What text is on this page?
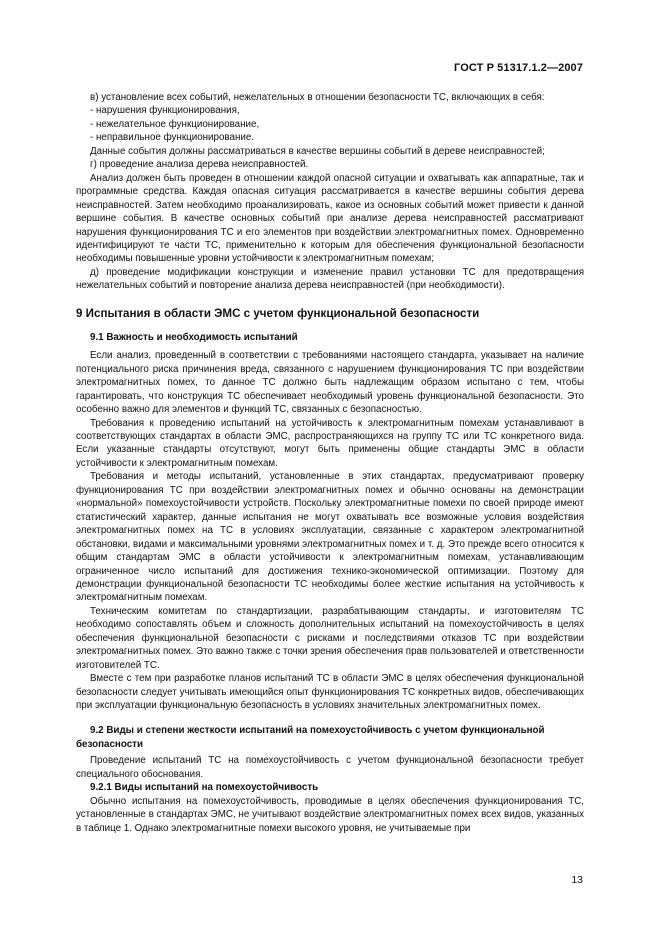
ГОСТ Р 51317.1.2—2007

в) установление всех событий, нежелательных в отношении безопасности ТС, включающих в себя:

- нарушения функционирования,

- нежелательное функционирование,

- неправильное функционирование.

Данные события должны рассматриваться в качестве вершины событий в дереве неисправностей;

г) проведение анализа дерева неисправностей.

Анализ должен быть проведен в отношении каждой опасной ситуации и охватывать как аппаратные, так и программные средства. Каждая опасная ситуация рассматривается в качестве вершины события дерева неисправностей. Затем необходимо проанализировать, какое из основных событий может привести к данной вершине события. В качестве основных событий при анализе дерева неисправностей рассматривают нарушения функционирования ТС и его элементов при воздействии электромагнитных помех. Одновременно идентифицируют те части ТС, применительно к которым для обеспечения функциональной безопасности необходимы повышенные уровни устойчивости к электромагнитным помехам;

д) проведение модификации конструкции и изменение правил установки ТС для предотвращения нежелательных событий и повторение анализа дерева неисправностей (при необходимости).

9 Испытания в области ЭМС с учетом функциональной безопасности

9.1 Важность и необходимость испытаний

Если анализ, проведенный в соответствии с требованиями настоящего стандарта, указывает на наличие потенциального риска причинения вреда, связанного с нарушением функционирования ТС при воздействии электромагнитных помех, то данное ТС должно быть надлежащим образом испытано с тем, чтобы гарантировать, что конструкция ТС обеспечивает необходимый уровень функциональной безопасности. Это особенно важно для элементов и функций ТС, связанных с безопасностью.

Требования к проведению испытаний на устойчивость к электромагнитным помехам устанавливают в соответствующих стандартах в области ЭМС, распространяющихся на группу ТС или ТС конкретного вида. Если указанные стандарты отсутствуют, могут быть применены общие стандарты ЭМС в области устойчивости к электромагнитным помехам.

Требования и методы испытаний, установленные в этих стандартах, предусматривают проверку функционирования ТС при воздействии электромагнитных помех и обычно основаны на демонстрации «нормальной» помехоустойчивости устройств. Поскольку электромагнитные помехи по своей природе имеют статистический характер, данные испытания не могут охватывать все возможные условия воздействия электромагнитных помех на ТС в условиях эксплуатации, связанные с характером электромагнитной обстановки, видами и максимальными уровнями электромагнитных помех и т. д. Это прежде всего относится к общим стандартам ЭМС в области устойчивости к электромагнитным помехам, устанавливающим ограниченное число испытаний для достижения технико-экономической оптимизации. Поэтому для демонстрации функциональной безопасности ТС необходимы более жесткие испытания на устойчивость к электромагнитным помехам.

Техническим комитетам по стандартизации, разрабатывающим стандарты, и изготовителям ТС необходимо сопоставлять объем и сложность дополнительных испытаний на помехоустойчивость в целях обеспечения функциональной безопасности с рисками и последствиями отказов ТС при воздействии электромагнитных помех. Это важно также с точки зрения обеспечения прав пользователей и ответственности изготовителей ТС.

Вместе с тем при разработке планов испытаний ТС в области ЭМС в целях обеспечения функциональной безопасности следует учитывать имеющийся опыт функционирования ТС конкретных видов, обеспечивающих при эксплуатации функциональную безопасность в условиях значительных электромагнитных помех.

9.2 Виды и степени жесткости испытаний на помехоустойчивость с учетом функциональной безопасности

Проведение испытаний ТС на помехоустойчивость с учетом функциональной безопасности требует специального обоснования.

9.2.1 Виды испытаний на помехоустойчивость

Обычно испытания на помехоустойчивость, проводимые в целях обеспечения функционирования ТС, установленные в стандартах ЭМС, не учитывают воздействие электромагнитных помех всех видов, указанных в таблице 1. Однако электромагнитные помехи высокого уровня, не учитываемые при

13
